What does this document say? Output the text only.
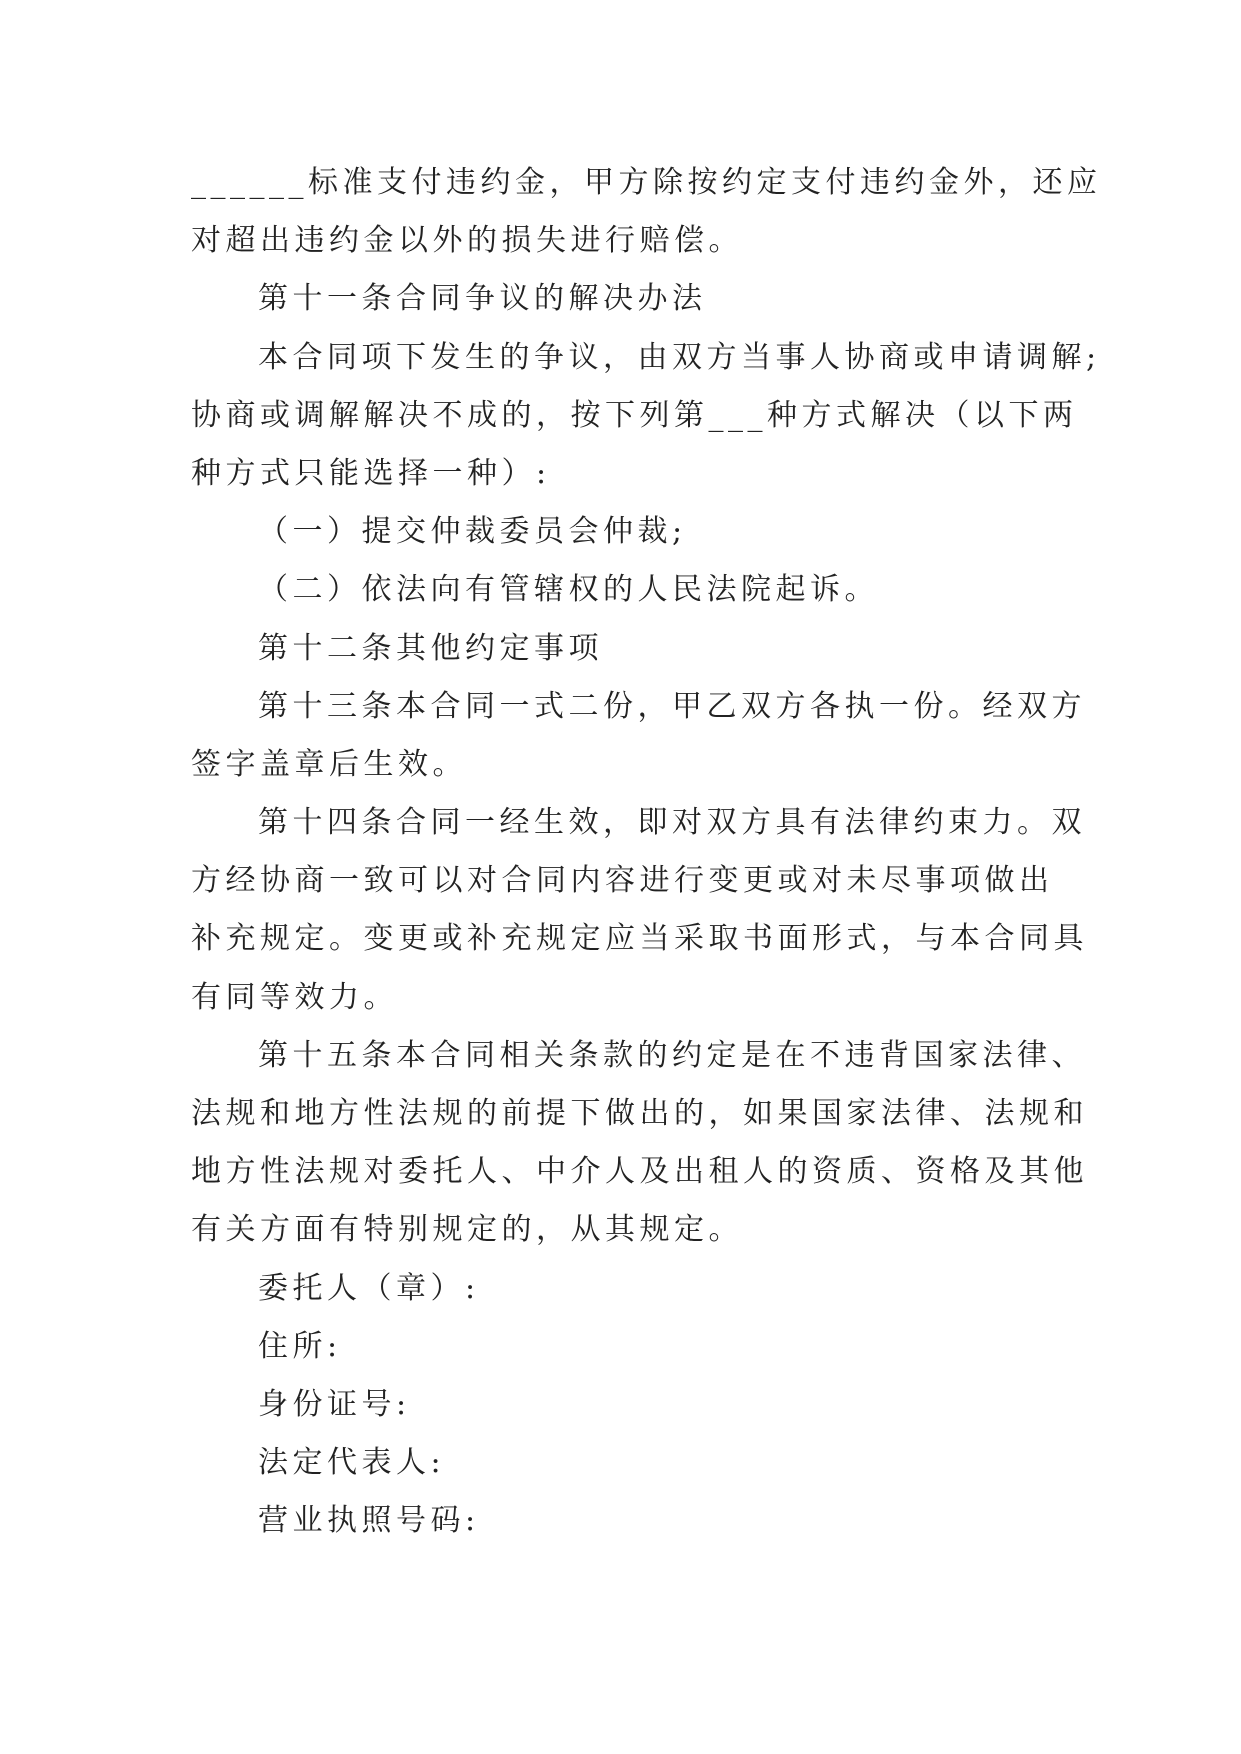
______标准支付违约金，甲方除按约定支付违约金外，还应
对超出违约金以外的损失进行赔偿。
第十一条合同争议的解决办法
本合同项下发生的争议，由双方当事人协商或申请调解;
协商或调解解决不成的，按下列第___种方式解决（以下两
种方式只能选择一种）:
（一）提交仲裁委员会仲裁;
（二）依法向有管辖权的人民法院起诉。
第十二条其他约定事项
第十三条本合同一式二份，甲乙双方各执一份。经双方
签字盖章后生效。
第十四条合同一经生效，即对双方具有法律约束力。双
方经协商一致可以对合同内容进行变更或对未尽事项做出
补充规定。变更或补充规定应当采取书面形式，与本合同具
有同等效力。
第十五条本合同相关条款的约定是在不违背国家法律、
法规和地方性法规的前提下做出的，如果国家法律、法规和
地方性法规对委托人、中介人及出租人的资质、资格及其他
有关方面有特别规定的，从其规定。
委托人（章）:
住所:
身份证号:
法定代表人:
营业执照号码:
